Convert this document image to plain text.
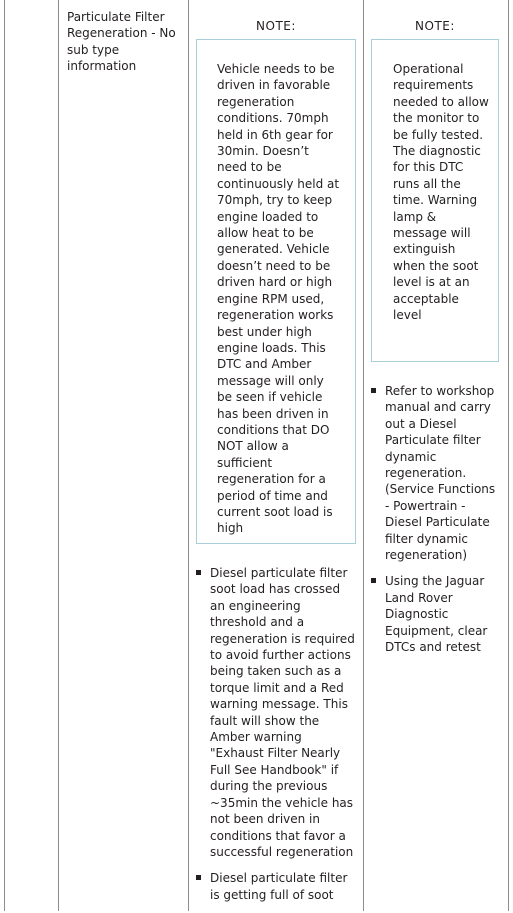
Particulate Filter Regeneration - No sub type information

NOTE:

Vehicle needs to be driven in favorable regeneration conditions. 70mph held in 6th gear for 30min. Doesn’t need to be continuously held at 70mph, try to keep engine loaded to allow heat to be generated. Vehicle doesn’t need to be driven hard or high engine RPM used, regeneration works best under high engine loads. This DTC and Amber message will only be seen if vehicle has been driven in conditions that DO NOT allow a sufficient regeneration for a period of time and current soot load is high

Diesel particulate filter soot load has crossed an engineering threshold and a regeneration is required to avoid further actions being taken such as a torque limit and a Red warning message. This fault will show the Amber warning "Exhaust Filter Nearly Full See Handbook" if during the previous ~35min the vehicle has not been driven in conditions that favor a successful regeneration
Diesel particulate filter is getting full of soot

NOTE:

Operational requirements needed to allow the monitor to be fully tested. The diagnostic for this DTC runs all the time. Warning lamp & message will extinguish when the soot level is at an acceptable level

Refer to workshop manual and carry out a Diesel Particulate filter dynamic regeneration. (Service Functions - Powertrain - Diesel Particulate filter dynamic regeneration)
Using the Jaguar Land Rover Diagnostic Equipment, clear DTCs and retest
